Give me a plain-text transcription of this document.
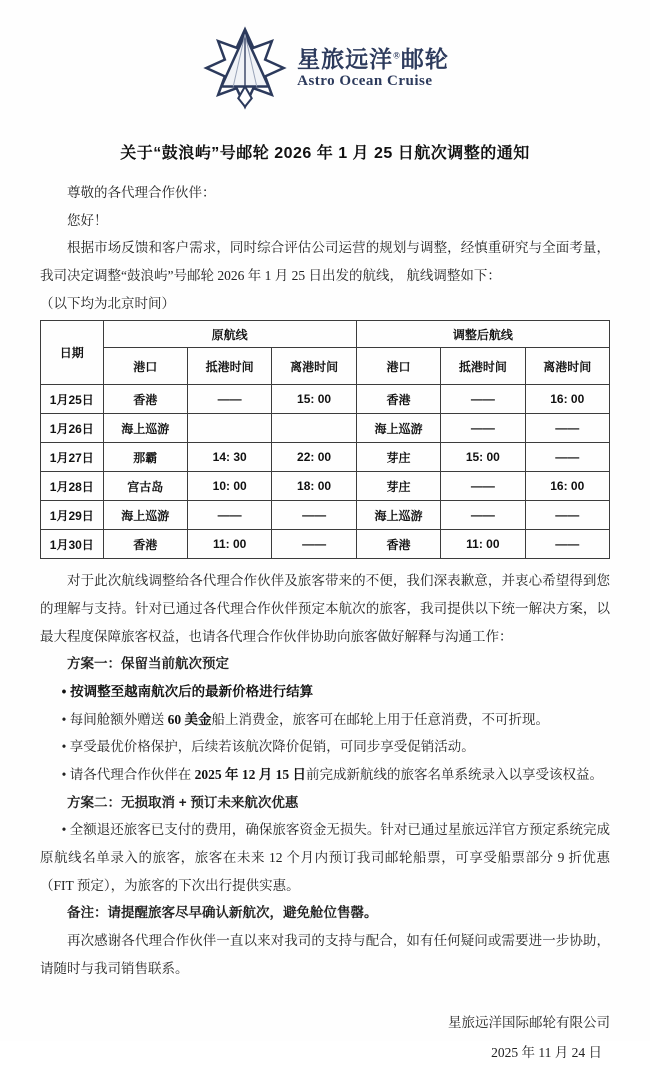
星旅远洋®邮轮
Astro Ocean Cruise
关于“鼓浪屿”号邮轮 2026 年 1 月 25 日航次调整的通知

尊敬的各代理合作伙伴：

您好！

根据市场反馈和客户需求，同时综合评估公司运营的规划与调整，经慎重研究与全面考量，我司决定调整“鼓浪屿”号邮轮 2026 年 1 月 25 日出发的航线， 航线调整如下：

（以下均为北京时间）

日期	原航线			调整后航线		
	港口	抵港时间	离港时间	港口	抵港时间	离港时间
1月25日	香港	——	15: 00	香港	——	16: 00
1月26日	海上巡游			海上巡游	——	——
1月27日	那霸	14: 30	22: 00	芽庄	15: 00	——
1月28日	宫古岛	10: 00	18: 00	芽庄	——	16: 00
1月29日	海上巡游	——	——	海上巡游	——	——
1月30日	香港	11: 00	——	香港	11: 00	——

对于此次航线调整给各代理合作伙伴及旅客带来的不便，我们深表歉意，并衷心希望得到您的理解与支持。针对已通过各代理合作伙伴预定本航次的旅客，我司提供以下统一解决方案，以最大程度保障旅客权益，也请各代理合作伙伴协助向旅客做好解释与沟通工作：

方案一：保留当前航次预定

• 按调整至越南航次后的最新价格进行结算

• 每间舱额外赠送 60 美金船上消费金，旅客可在邮轮上用于任意消费，不可折现。

• 享受最优价格保护，后续若该航次降价促销，可同步享受促销活动。

• 请各代理合作伙伴在 2025 年 12 月 15 日前完成新航线的旅客名单系统录入以享受该权益。

方案二：无损取消 + 预订未来航次优惠

• 全额退还旅客已支付的费用，确保旅客资金无损失。针对已通过星旅远洋官方预定系统完成原航线名单录入的旅客，旅客在未来 12 个月内预订我司邮轮船票，可享受船票部分 9 折优惠（FIT 预定），为旅客的下次出行提供实惠。

备注：请提醒旅客尽早确认新航次，避免舱位售罄。

再次感谢各代理合作伙伴一直以来对我司的支持与配合，如有任何疑问或需要进一步协助，请随时与我司销售联系。

星旅远洋国际邮轮有限公司

2025 年 11 月 24 日
